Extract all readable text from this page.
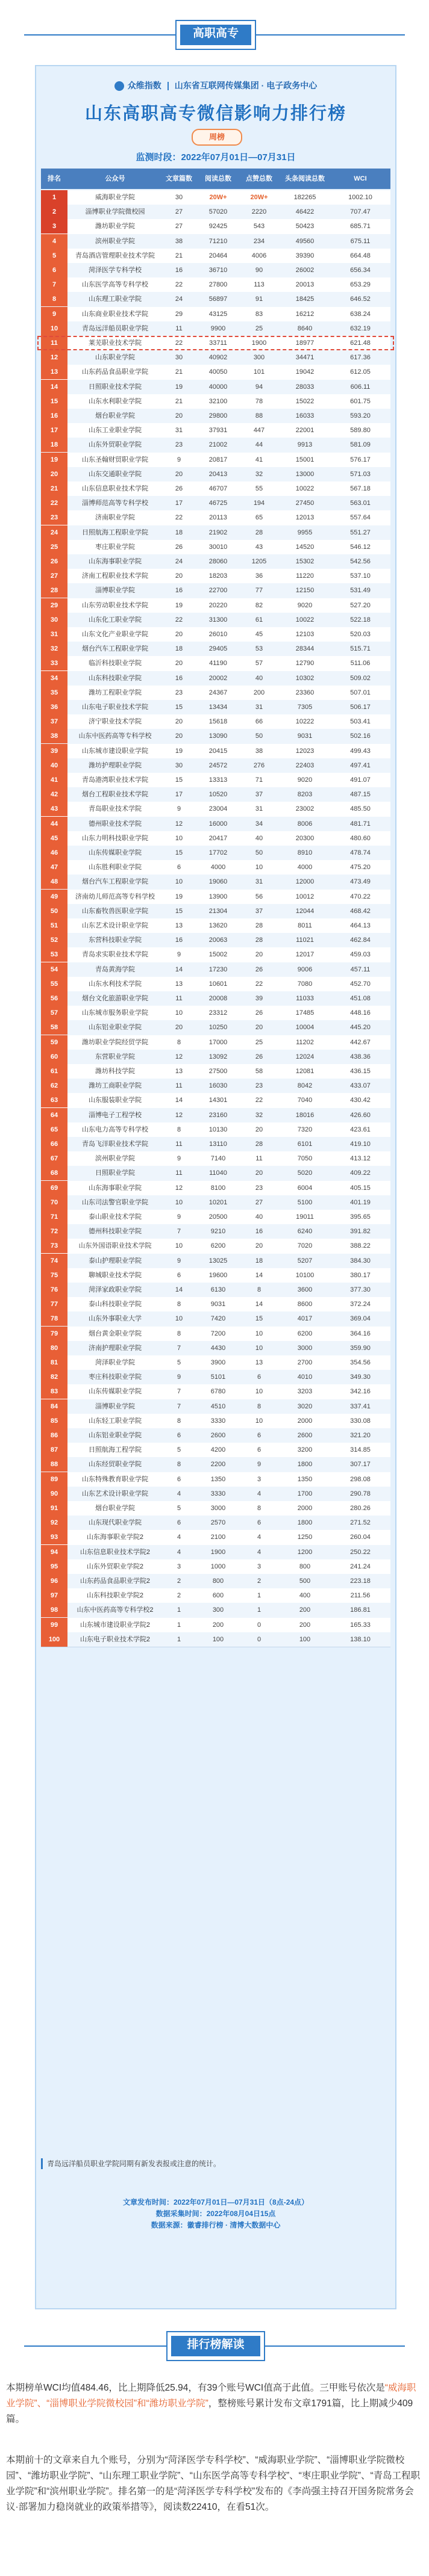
高职高专
众维指数 山东省互联网传媒集团 · 电子政务中心
山东高职高专微信影响力排行榜
周榜
监测时段：2022年07月01日—07月31日
排名	公众号	文章篇数	阅读总数	点赞总数	头条阅读总数	WCI
1	威海职业学院	30	20W+	20W+	182265	1002.10
2	淄博职业学院微校园	27	57020	2220	46422	707.47
3	潍坊职业学院	27	92425	543	50423	685.71
4	滨州职业学院	38	71210	234	49560	675.11
5	青岛酒店管理职业技术学院	21	20464	4006	39390	664.48
6	菏泽医学专科学校	16	36710	90	26002	656.34
7	山东医学高等专科学校	22	27800	113	20013	653.29
8	山东理工职业学院	24	56897	91	18425	646.52
9	山东商业职业技术学院	29	43125	83	16212	638.24
10	青岛远洋船员职业学院	11	9900	25	8640	632.19
11	莱芜职业技术学院	22	33711	1900	18977	621.48
12	山东职业学院	30	40902	300	34471	617.36
13	山东药品食品职业学院	21	40050	101	19042	612.05
14	日照职业技术学院	19	40000	94	28033	606.11
15	山东水利职业学院	21	32100	78	15022	601.75
16	烟台职业学院	20	29800	88	16033	593.20
17	山东工业职业学院	31	37931	447	22001	589.80
18	山东外贸职业学院	23	21002	44	9913	581.09
19	山东圣翰财贸职业学院	9	20817	41	15001	576.17
20	山东交通职业学院	20	20413	32	13000	571.03
21	山东信息职业技术学院	26	46707	55	10022	567.18
22	淄博师范高等专科学校	17	46725	194	27450	563.01
23	济南职业学院	22	20113	65	12013	557.64
24	日照航海工程职业学院	18	21902	28	9955	551.27
25	枣庄职业学院	26	30010	43	14520	546.12
26	山东海事职业学院	24	28060	1205	15302	542.56
27	济南工程职业技术学院	20	18203	36	11220	537.10
28	淄博职业学院	16	22700	77	12150	531.49
29	山东劳动职业技术学院	19	20220	82	9020	527.20
30	山东化工职业学院	22	31300	61	10022	522.18
31	山东文化产业职业学院	20	26010	45	12103	520.03
32	烟台汽车工程职业学院	18	29405	53	28344	515.71
33	临沂科技职业学院	20	41190	57	12790	511.06
34	山东科技职业学院	16	20002	40	10302	509.02
35	潍坊工程职业学院	23	24367	200	23360	507.01
36	山东电子职业技术学院	15	13434	31	7305	506.17
37	济宁职业技术学院	20	15618	66	10222	503.41
38	山东中医药高等专科学校	20	13090	50	9031	502.16
39	山东城市建设职业学院	19	20415	38	12023	499.43
40	潍坊护理职业学院	30	24572	276	22403	497.41
41	青岛港湾职业技术学院	15	13313	71	9020	491.07
42	烟台工程职业技术学院	17	10520	37	8203	487.15
43	青岛职业技术学院	9	23004	31	23002	485.50
44	德州职业技术学院	12	16000	34	8006	481.71
45	山东力明科技职业学院	10	20417	40	20300	480.60
46	山东传媒职业学院	15	17702	50	8910	478.74
47	山东胜利职业学院	6	4000	10	4000	475.20
48	烟台汽车工程职业学院	10	19060	31	12000	473.49
49	济南幼儿师范高等专科学校	19	13900	56	10012	470.22
50	山东畜牧兽医职业学院	15	21304	37	12044	468.42
51	山东艺术设计职业学院	13	13620	28	8011	464.13
52	东营科技职业学院	16	20063	28	11021	462.84
53	青岛求实职业技术学院	9	15002	20	12017	459.03
54	青岛黄海学院	14	17230	26	9006	457.11
55	山东水利技术学院	13	10601	22	7080	452.70
56	烟台文化旅游职业学院	11	20008	39	11033	451.08
57	山东城市服务职业学院	10	23312	26	17485	448.16
58	山东铝业职业学院	20	10250	20	10004	445.20
59	潍坊职业学院经贸学院	8	17000	25	11202	442.67
60	东营职业学院	12	13092	26	12024	438.36
61	潍坊科技学院	13	27500	58	12081	436.15
62	潍坊工商职业学院	11	16030	23	8042	433.07
63	山东服装职业学院	14	14301	22	7040	430.42
64	淄博电子工程学校	12	23160	32	18016	426.60
65	山东电力高等专科学校	8	10130	20	7320	423.61
66	青岛飞洋职业技术学院	11	13110	28	6101	419.10
67	滨州职业学院	9	7140	11	7050	413.12
68	日照职业学院	11	11040	20	5020	409.22
69	山东海事职业学院	12	8100	23	6004	405.15
70	山东司法警官职业学院	10	10201	27	5100	401.19
71	泰山职业技术学院	9	20500	40	19011	395.65
72	德州科技职业学院	7	9210	16	6240	391.82
73	山东外国语职业技术学院	10	6200	20	7020	388.22
74	泰山护理职业学院	9	13025	18	5207	384.30
75	聊城职业技术学院	6	19600	14	10100	380.17
76	菏泽家政职业学院	14	6130	8	3600	377.30
77	泰山科技职业学院	8	9031	14	8600	372.24
78	山东外事职业大学	10	7420	15	4017	369.04
79	烟台黄金职业学院	8	7200	10	6200	364.16
80	济南护理职业学院	7	4430	10	3000	359.90
81	菏泽职业学院	5	3900	13	2700	354.56
82	枣庄科技职业学院	9	5101	6	4010	349.30
83	山东传媒职业学院	7	6780	10	3203	342.16
84	淄博职业学院	7	4510	8	3020	337.41
85	山东轻工职业学院	8	3330	10	2000	330.08
86	山东铝业职业学院	6	2600	6	2600	321.20
87	日照航海工程学院	5	4200	6	3200	314.85
88	山东经贸职业学院	8	2200	9	1800	307.17
89	山东特殊教育职业学院	6	1350	3	1350	298.08
90	山东艺术设计职业学院	4	3330	4	1700	290.78
91	烟台职业学院	5	3000	8	2000	280.26
92	山东现代职业学院	6	2570	6	1800	271.52
93	山东海事职业学院2	4	2100	4	1250	260.04
94	山东信息职业技术学院2	4	1900	4	1200	250.22
95	山东外贸职业学院2	3	1000	3	800	241.24
96	山东药品食品职业学院2	2	800	2	500	223.18
97	山东科技职业学院2	2	600	1	400	211.56
98	山东中医药高等专科学校2	1	300	1	200	186.81
99	山东城市建设职业学院2	1	200	0	200	165.33
100	山东电子职业技术学院2	1	100	0	100	138.10
青岛远洋船员职业学院同期有新发表报或注意的统计。
文章发布时间：2022年07月01日—07月31日（8点-24点）
数据采集时间：2022年08月04日15点
数据来源：徽睿排行榜 · 清博大数据中心
排行榜解读
本期榜单WCI均值484.46，比上期降低25.94，有39个账号WCI值高于此值。三甲账号依次是“威海职业学院”、“淄博职业学院微校园”和“潍坊职业学院”，整榜账号累计发布文章1791篇，比上期减少409篇。
本期前十的文章来自九个账号，分别为“菏泽医学专科学校”、“威海职业学院”、“淄博职业学院微校园”、“潍坊职业学院”、“山东理工职业学院”、“山东医学高等专科学校”、“枣庄职业学院”、“青岛工程职业学院”和“滨州职业学院”。排名第一的是“菏泽医学专科学校”发布的《李尚强主持召开国务院常务会议·部署加力稳岗就业的政策举措等》，阅读数22410，在看51次。
